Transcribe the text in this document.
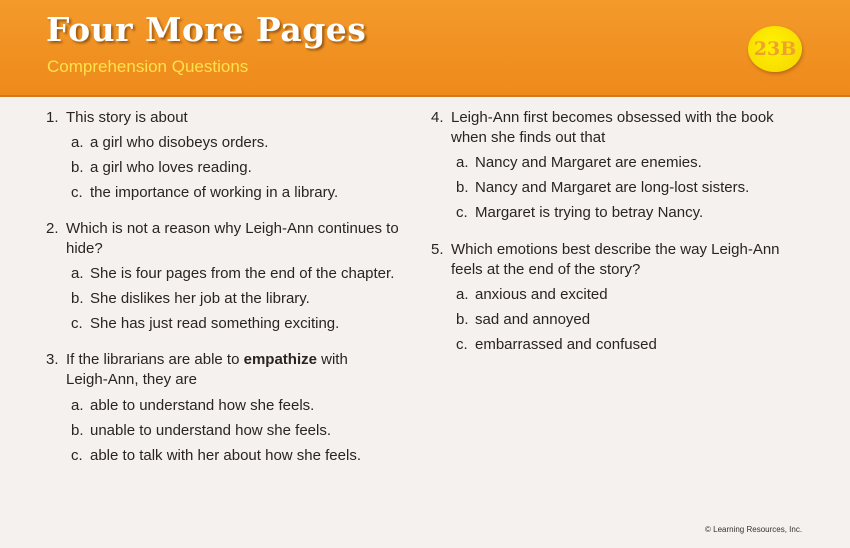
Four More Pages
Comprehension Questions
23B
1. This story is about
a. a girl who disobeys orders.
b. a girl who loves reading.
c. the importance of working in a library.
2. Which is not a reason why Leigh-Ann continues to
hide?
a. She is four pages from the end of the chapter.
b. She dislikes her job at the library.
c. She has just read something exciting.
3. If the librarians are able to empathize with
Leigh-Ann, they are
a. able to understand how she feels.
b. unable to understand how she feels.
c. able to talk with her about how she feels.
4. Leigh-Ann first becomes obsessed with the book
when she finds out that
a. Nancy and Margaret are enemies.
b. Nancy and Margaret are long-lost sisters.
c. Margaret is trying to betray Nancy.
5. Which emotions best describe the way Leigh-Ann
feels at the end of the story?
a. anxious and excited
b. sad and annoyed
c. embarrassed and confused
© Learning Resources, Inc.
